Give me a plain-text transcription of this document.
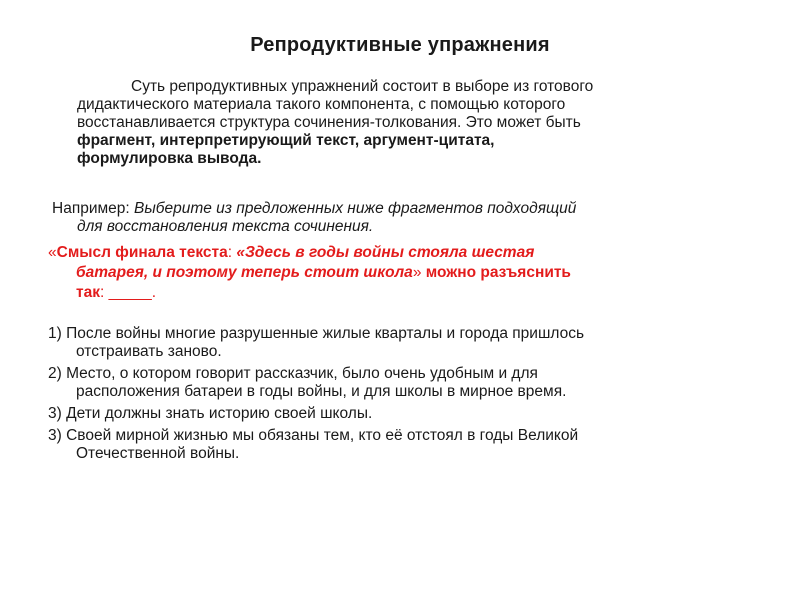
Репродуктивные упражнения
Суть репродуктивных упражнений состоит в выборе из готового
дидактического материала такого компонента, с помощью которого
восстанавливается структура сочинения-толкования. Это может быть
фрагмент, интерпретирующий текст, аргумент-цитата,
формулировка вывода.
Например: Выберите из предложенных ниже фрагментов подходящий
для восстановления текста сочинения.
«Смысл финала текста: «Здесь в годы войны стояла шестая
батарея, и поэтому теперь стоит школа» можно разъяснить
так: _____.
1) После войны многие разрушенные жилые кварталы и города пришлось
отстраивать заново.
2) Место, о котором говорит рассказчик, было очень удобным и для
расположения батареи в годы войны, и для школы в мирное время.
3) Дети должны знать историю своей школы.
3) Своей мирной жизнью мы обязаны тем, кто её отстоял в годы Великой
Отечественной войны.
